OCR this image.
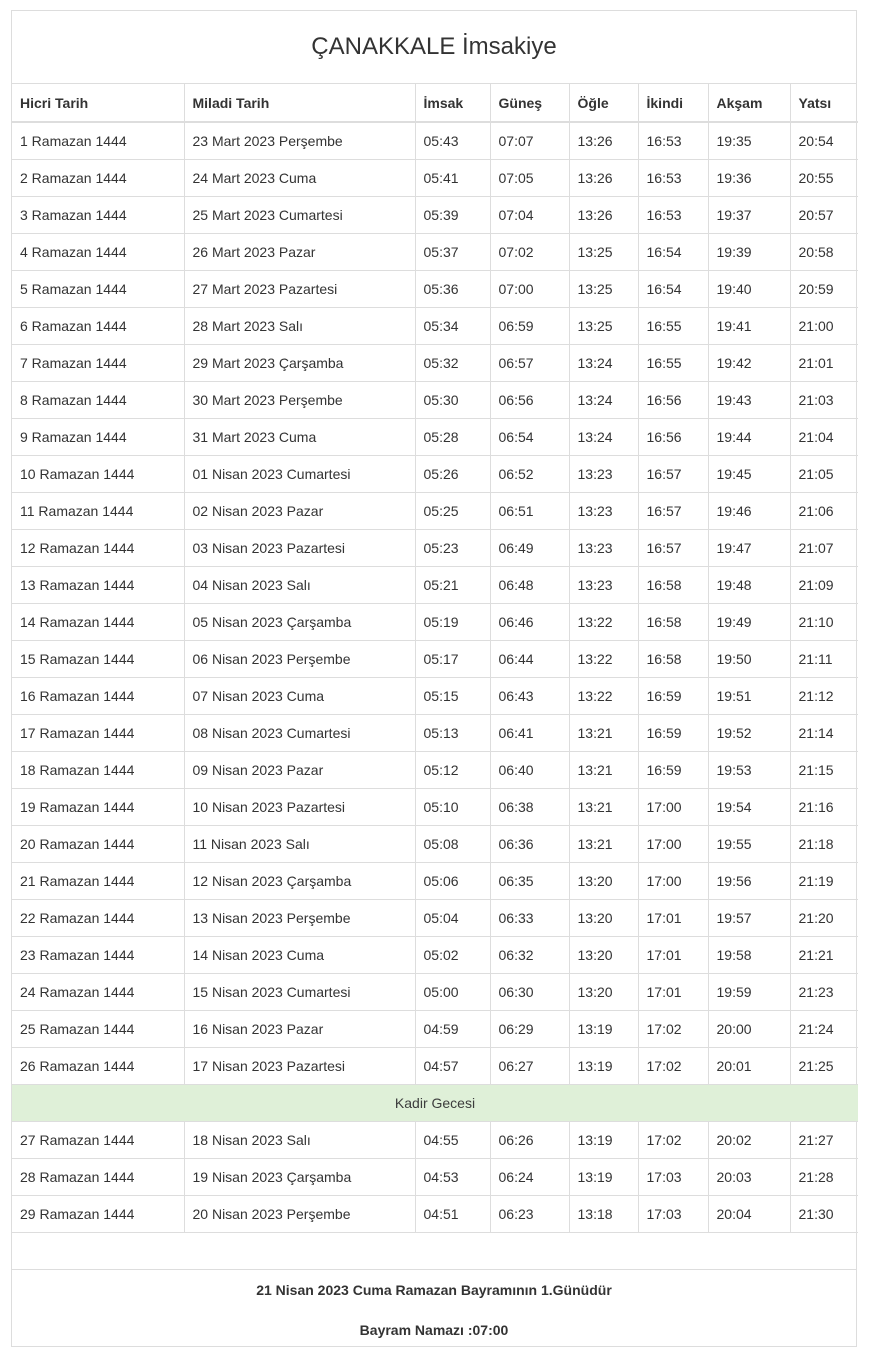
ÇANAKKALE İmsakiye
Hicri Tarih	Miladi Tarih	İmsak	Güneş	Öğle	İkindi	Akşam	Yatsı
1 Ramazan 1444	23 Mart 2023 Perşembe	05:43	07:07	13:26	16:53	19:35	20:54
2 Ramazan 1444	24 Mart 2023 Cuma	05:41	07:05	13:26	16:53	19:36	20:55
3 Ramazan 1444	25 Mart 2023 Cumartesi	05:39	07:04	13:26	16:53	19:37	20:57
4 Ramazan 1444	26 Mart 2023 Pazar	05:37	07:02	13:25	16:54	19:39	20:58
5 Ramazan 1444	27 Mart 2023 Pazartesi	05:36	07:00	13:25	16:54	19:40	20:59
6 Ramazan 1444	28 Mart 2023 Salı	05:34	06:59	13:25	16:55	19:41	21:00
7 Ramazan 1444	29 Mart 2023 Çarşamba	05:32	06:57	13:24	16:55	19:42	21:01
8 Ramazan 1444	30 Mart 2023 Perşembe	05:30	06:56	13:24	16:56	19:43	21:03
9 Ramazan 1444	31 Mart 2023 Cuma	05:28	06:54	13:24	16:56	19:44	21:04
10 Ramazan 1444	01 Nisan 2023 Cumartesi	05:26	06:52	13:23	16:57	19:45	21:05
11 Ramazan 1444	02 Nisan 2023 Pazar	05:25	06:51	13:23	16:57	19:46	21:06
12 Ramazan 1444	03 Nisan 2023 Pazartesi	05:23	06:49	13:23	16:57	19:47	21:07
13 Ramazan 1444	04 Nisan 2023 Salı	05:21	06:48	13:23	16:58	19:48	21:09
14 Ramazan 1444	05 Nisan 2023 Çarşamba	05:19	06:46	13:22	16:58	19:49	21:10
15 Ramazan 1444	06 Nisan 2023 Perşembe	05:17	06:44	13:22	16:58	19:50	21:11
16 Ramazan 1444	07 Nisan 2023 Cuma	05:15	06:43	13:22	16:59	19:51	21:12
17 Ramazan 1444	08 Nisan 2023 Cumartesi	05:13	06:41	13:21	16:59	19:52	21:14
18 Ramazan 1444	09 Nisan 2023 Pazar	05:12	06:40	13:21	16:59	19:53	21:15
19 Ramazan 1444	10 Nisan 2023 Pazartesi	05:10	06:38	13:21	17:00	19:54	21:16
20 Ramazan 1444	11 Nisan 2023 Salı	05:08	06:36	13:21	17:00	19:55	21:18
21 Ramazan 1444	12 Nisan 2023 Çarşamba	05:06	06:35	13:20	17:00	19:56	21:19
22 Ramazan 1444	13 Nisan 2023 Perşembe	05:04	06:33	13:20	17:01	19:57	21:20
23 Ramazan 1444	14 Nisan 2023 Cuma	05:02	06:32	13:20	17:01	19:58	21:21
24 Ramazan 1444	15 Nisan 2023 Cumartesi	05:00	06:30	13:20	17:01	19:59	21:23
25 Ramazan 1444	16 Nisan 2023 Pazar	04:59	06:29	13:19	17:02	20:00	21:24
26 Ramazan 1444	17 Nisan 2023 Pazartesi	04:57	06:27	13:19	17:02	20:01	21:25
Kadir Gecesi							
27 Ramazan 1444	18 Nisan 2023 Salı	04:55	06:26	13:19	17:02	20:02	21:27
28 Ramazan 1444	19 Nisan 2023 Çarşamba	04:53	06:24	13:19	17:03	20:03	21:28
29 Ramazan 1444	20 Nisan 2023 Perşembe	04:51	06:23	13:18	17:03	20:04	21:30
21 Nisan 2023 Cuma Ramazan Bayramının 1.Günüdür
Bayram Namazı :07:00
